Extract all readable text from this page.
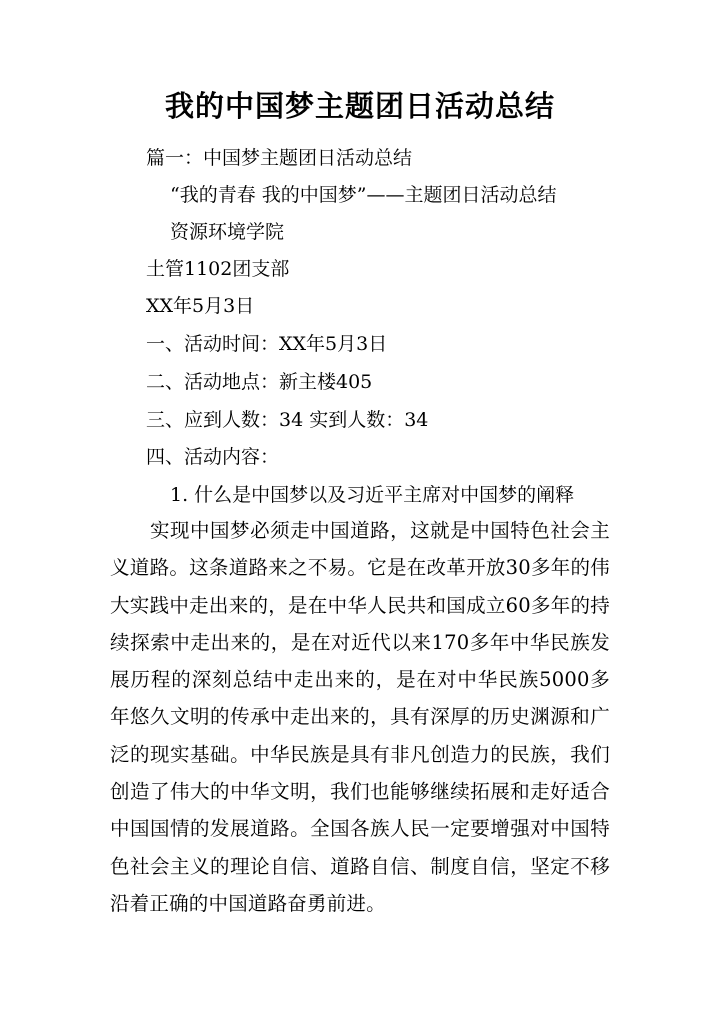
我的中国梦主题团日活动总结
篇一：中国梦主题团日活动总结
“我的青春 我的中国梦”——主题团日活动总结
资源环境学院
土管1102团支部
XX年5月3日
一、活动时间：XX年5月3日
二、活动地点：新主楼405
三、应到人数：34 实到人数：34
四、活动内容：
1. 什么是中国梦以及习近平主席对中国梦的阐释
实现中国梦必须走中国道路，这就是中国特色社会主义道路。这条道路来之不易。它是在改革开放30多年的伟大实践中走出来的，是在中华人民共和国成立60多年的持续探索中走出来的，是在对近代以来170多年中华民族发展历程的深刻总结中走出来的，是在对中华民族5000多年悠久文明的传承中走出来的，具有深厚的历史渊源和广泛的现实基础。中华民族是具有非凡创造力的民族，我们创造了伟大的中华文明，我们也能够继续拓展和走好适合中国国情的发展道路。全国各族人民一定要增强对中国特色社会主义的理论自信、道路自信、制度自信，坚定不移沿着正确的中国道路奋勇前进。
